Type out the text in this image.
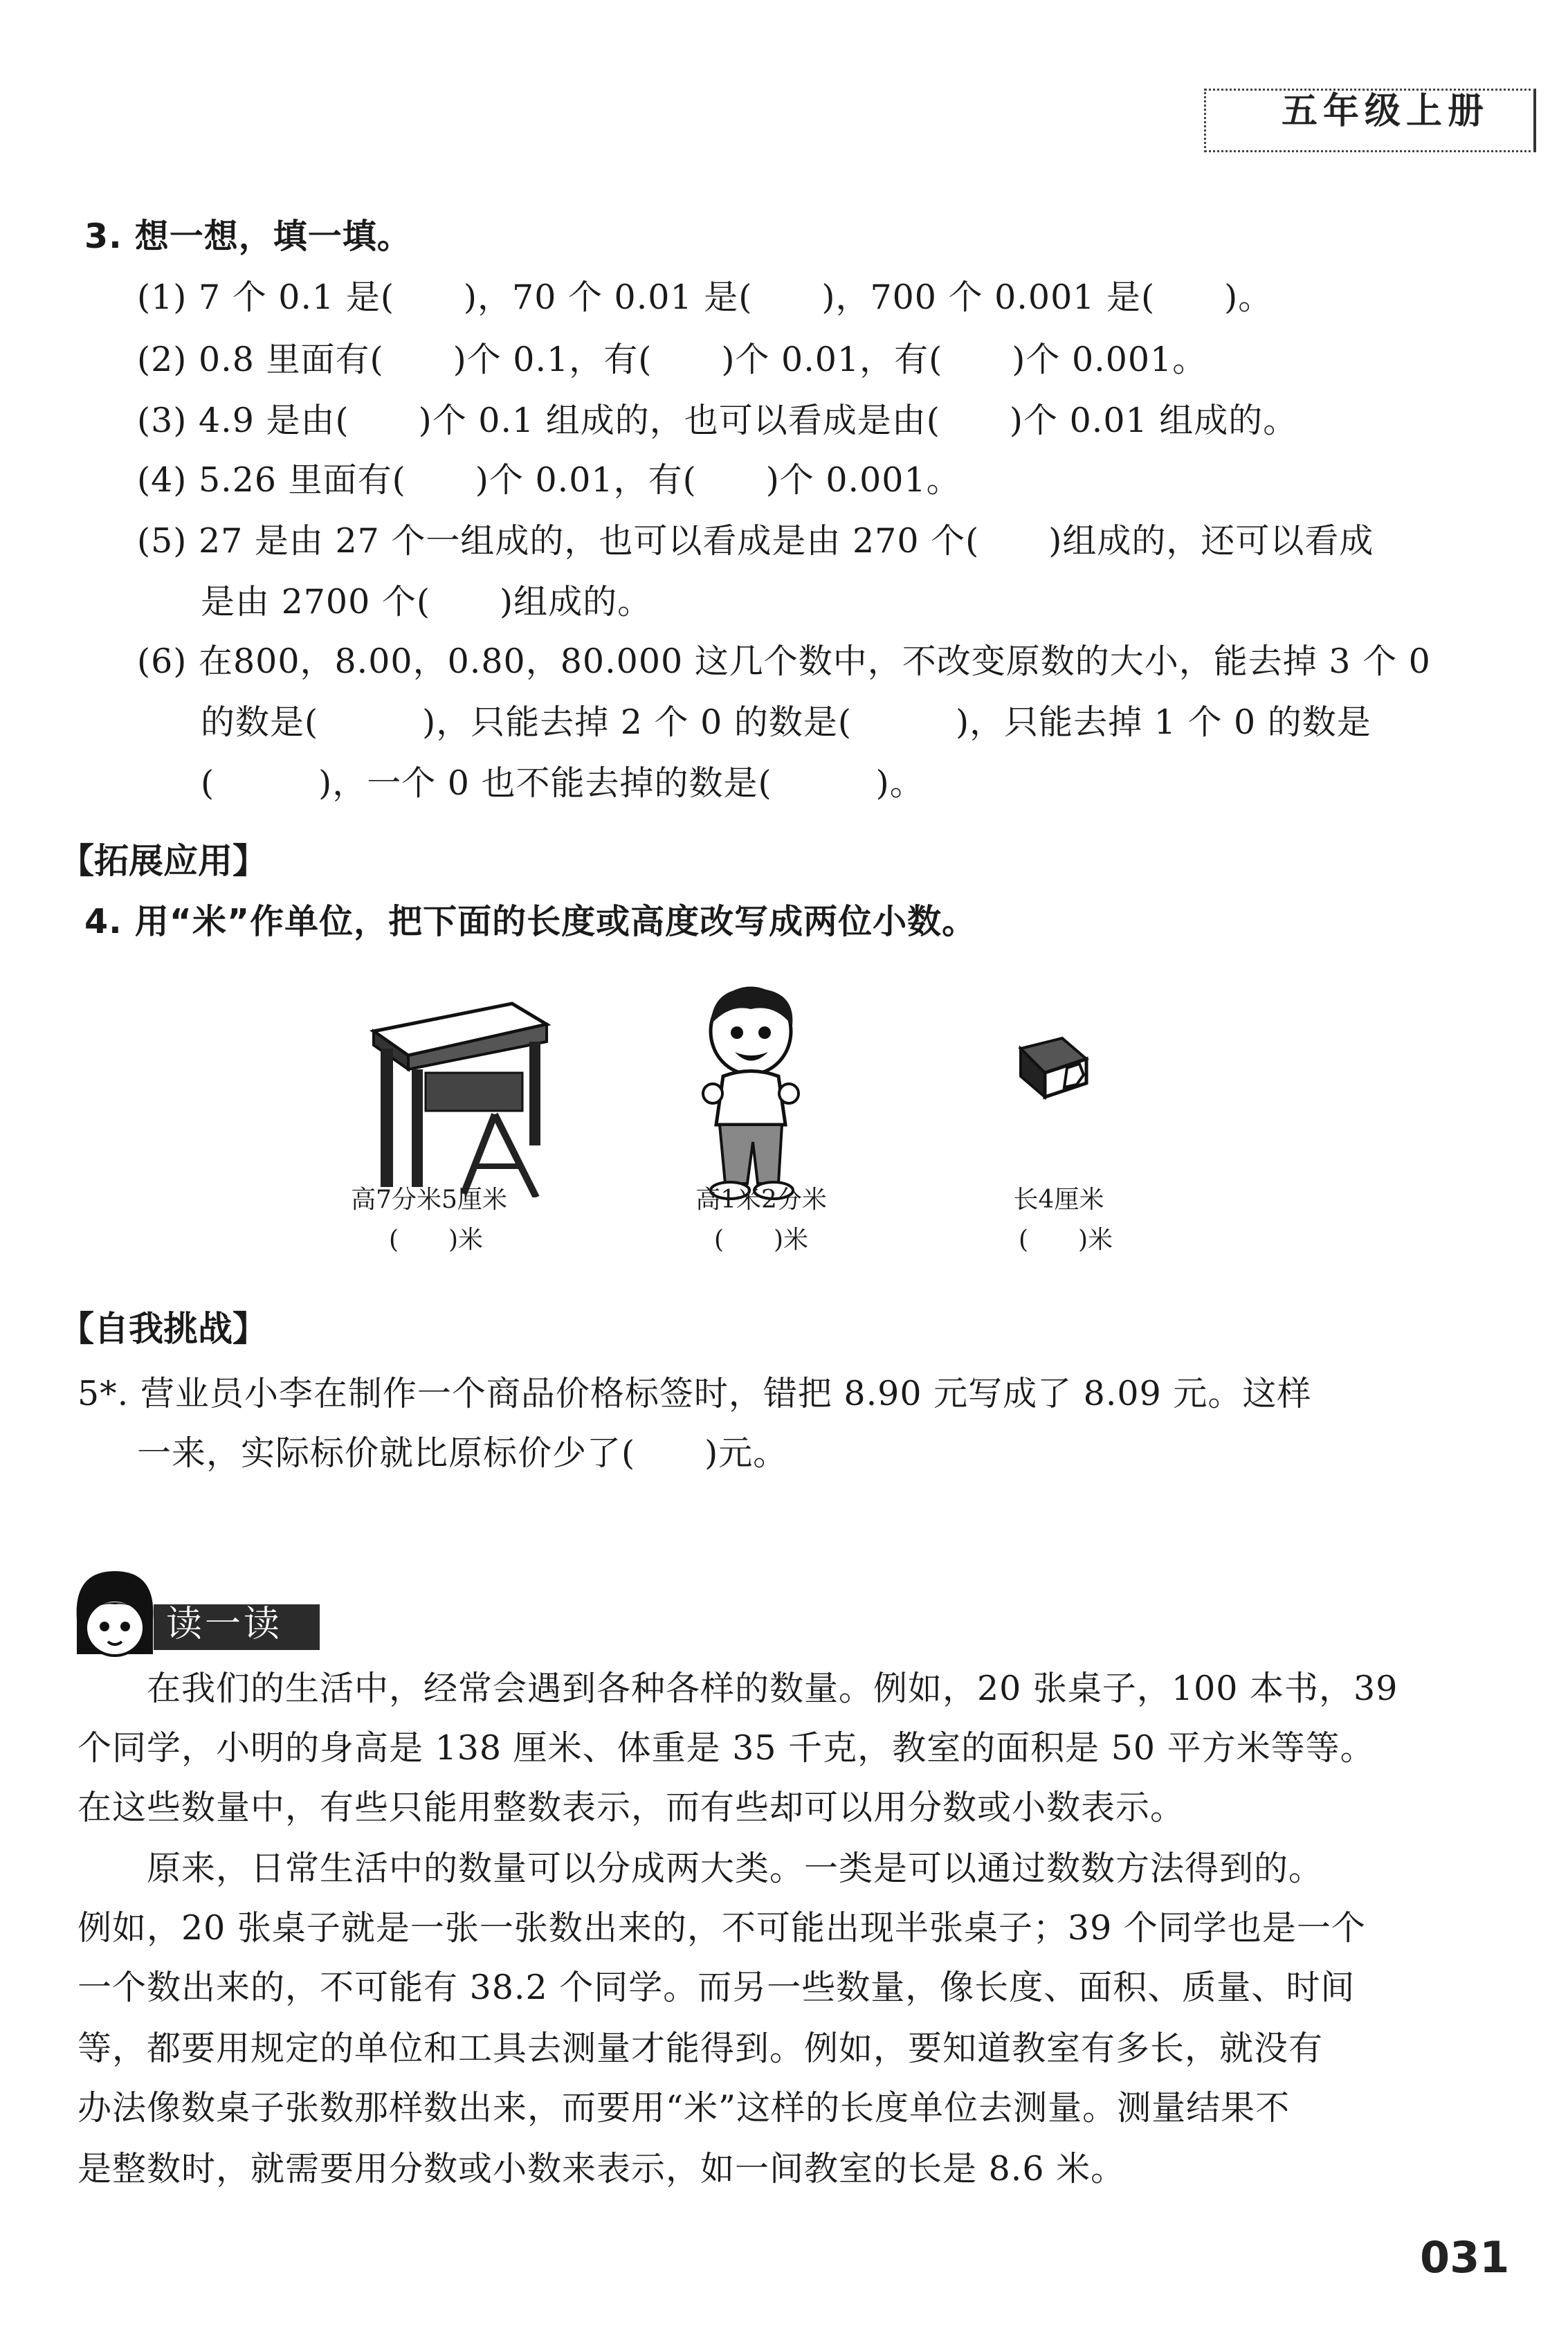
五年级上册
3. 想一想，填一填。
(1) 7 个 0.1 是(　　)，70 个 0.01 是(　　)，700 个 0.001 是(　　)。
(2) 0.8 里面有(　　)个 0.1，有(　　)个 0.01，有(　　)个 0.001。
(3) 4.9 是由(　　)个 0.1 组成的，也可以看成是由(　　)个 0.01 组成的。
(4) 5.26 里面有(　　)个 0.01，有(　　)个 0.001。
(5) 27 是由 27 个一组成的，也可以看成是由 270 个(　　)组成的，还可以看成
是由 2700 个(　　)组成的。
(6) 在800，8.00，0.80，80.000 这几个数中，不改变原数的大小，能去掉 3 个 0
的数是(　　　)，只能去掉 2 个 0 的数是(　　　)，只能去掉 1 个 0 的数是
(　　　)，一个 0 也不能去掉的数是(　　　)。
【拓展应用】
4. 用“米”作单位，把下面的长度或高度改写成两位小数。
高7分米5厘米
(　　)米
高1米2分米
(　　)米
长4厘米
(　　)米
【自我挑战】
5*. 营业员小李在制作一个商品价格标签时，错把 8.90 元写成了 8.09 元。这样
一来，实际标价就比原标价少了(　　)元。
读一读
　　在我们的生活中，经常会遇到各种各样的数量。例如，20 张桌子，100 本书，39
个同学，小明的身高是 138 厘米、体重是 35 千克，教室的面积是 50 平方米等等。
在这些数量中，有些只能用整数表示，而有些却可以用分数或小数表示。
　　原来，日常生活中的数量可以分成两大类。一类是可以通过数数方法得到的。
例如，20 张桌子就是一张一张数出来的，不可能出现半张桌子；39 个同学也是一个
一个数出来的，不可能有 38.2 个同学。而另一些数量，像长度、面积、质量、时间
等，都要用规定的单位和工具去测量才能得到。例如，要知道教室有多长，就没有
办法像数桌子张数那样数出来，而要用“米”这样的长度单位去测量。测量结果不
是整数时，就需要用分数或小数来表示，如一间教室的长是 8.6 米。
031
